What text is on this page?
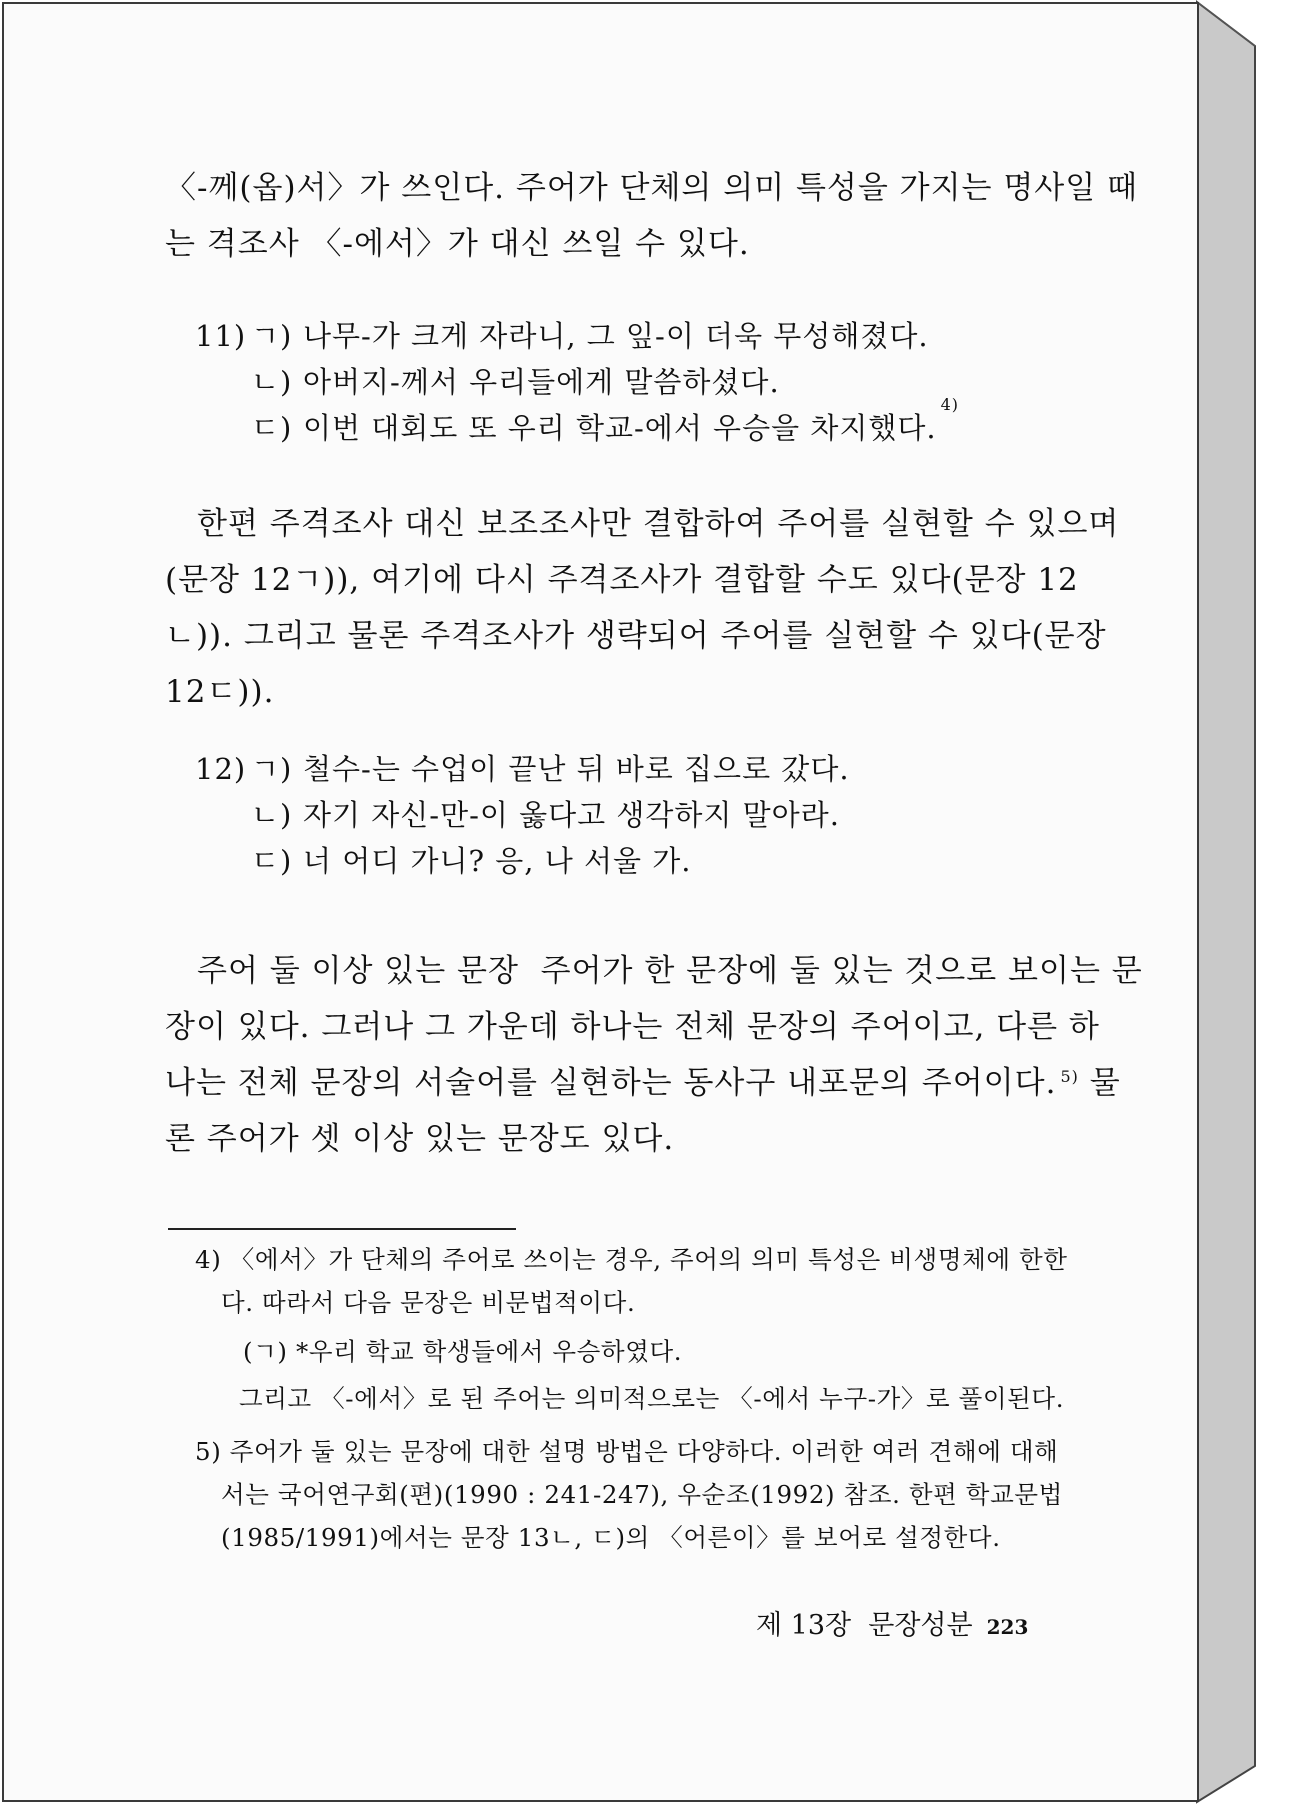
〈-께(옵)서〉가 쓰인다. 주어가 단체의 의미 특성을 가지는 명사일 때
는 격조사 〈-에서〉가 대신 쓰일 수 있다.
11) ㄱ) 나무-가 크게 자라니, 그 잎-이 더욱 무성해졌다.
ㄴ) 아버지-께서 우리들에게 말씀하셨다.
ㄷ) 이번 대회도 또 우리 학교-에서 우승을 차지했다.
4)
한편 주격조사 대신 보조조사만 결합하여 주어를 실현할 수 있으며
(문장 12ㄱ)), 여기에 다시 주격조사가 결합할 수도 있다(문장 12
ㄴ)). 그리고 물론 주격조사가 생략되어 주어를 실현할 수 있다(문장
12ㄷ)).
12) ㄱ) 철수-는 수업이 끝난 뒤 바로 집으로 갔다.
ㄴ) 자기 자신-만-이 옳다고 생각하지 말아라.
ㄷ) 너 어디 가니? 응, 나 서울 가.
주어 둘 이상 있는 문장  주어가 한 문장에 둘 있는 것으로 보이는 문
장이 있다. 그러나 그 가운데 하나는 전체 문장의 주어이고, 다른 하
나는 전체 문장의 서술어를 실현하는 동사구 내포문의 주어이다. $^{5)}$ 물
론 주어가 셋 이상 있는 문장도 있다.
4) 〈에서〉가 단체의 주어로 쓰이는 경우, 주어의 의미 특성은 비생명체에 한한
다. 따라서 다음 문장은 비문법적이다.
(ㄱ) *우리 학교 학생들에서 우승하였다.
그리고 〈-에서〉로 된 주어는 의미적으로는 〈-에서 누구-가〉로 풀이된다.
5) 주어가 둘 있는 문장에 대한 설명 방법은 다양하다. 이러한 여러 견해에 대해
서는 국어연구회(편)(1990 : 241-247), 우순조(1992) 참조. 한편 학교문법
(1985/1991)에서는 문장 13ㄴ, ㄷ)의 〈어른이〉를 보어로 설정한다.
제 13장  문장성분 223
